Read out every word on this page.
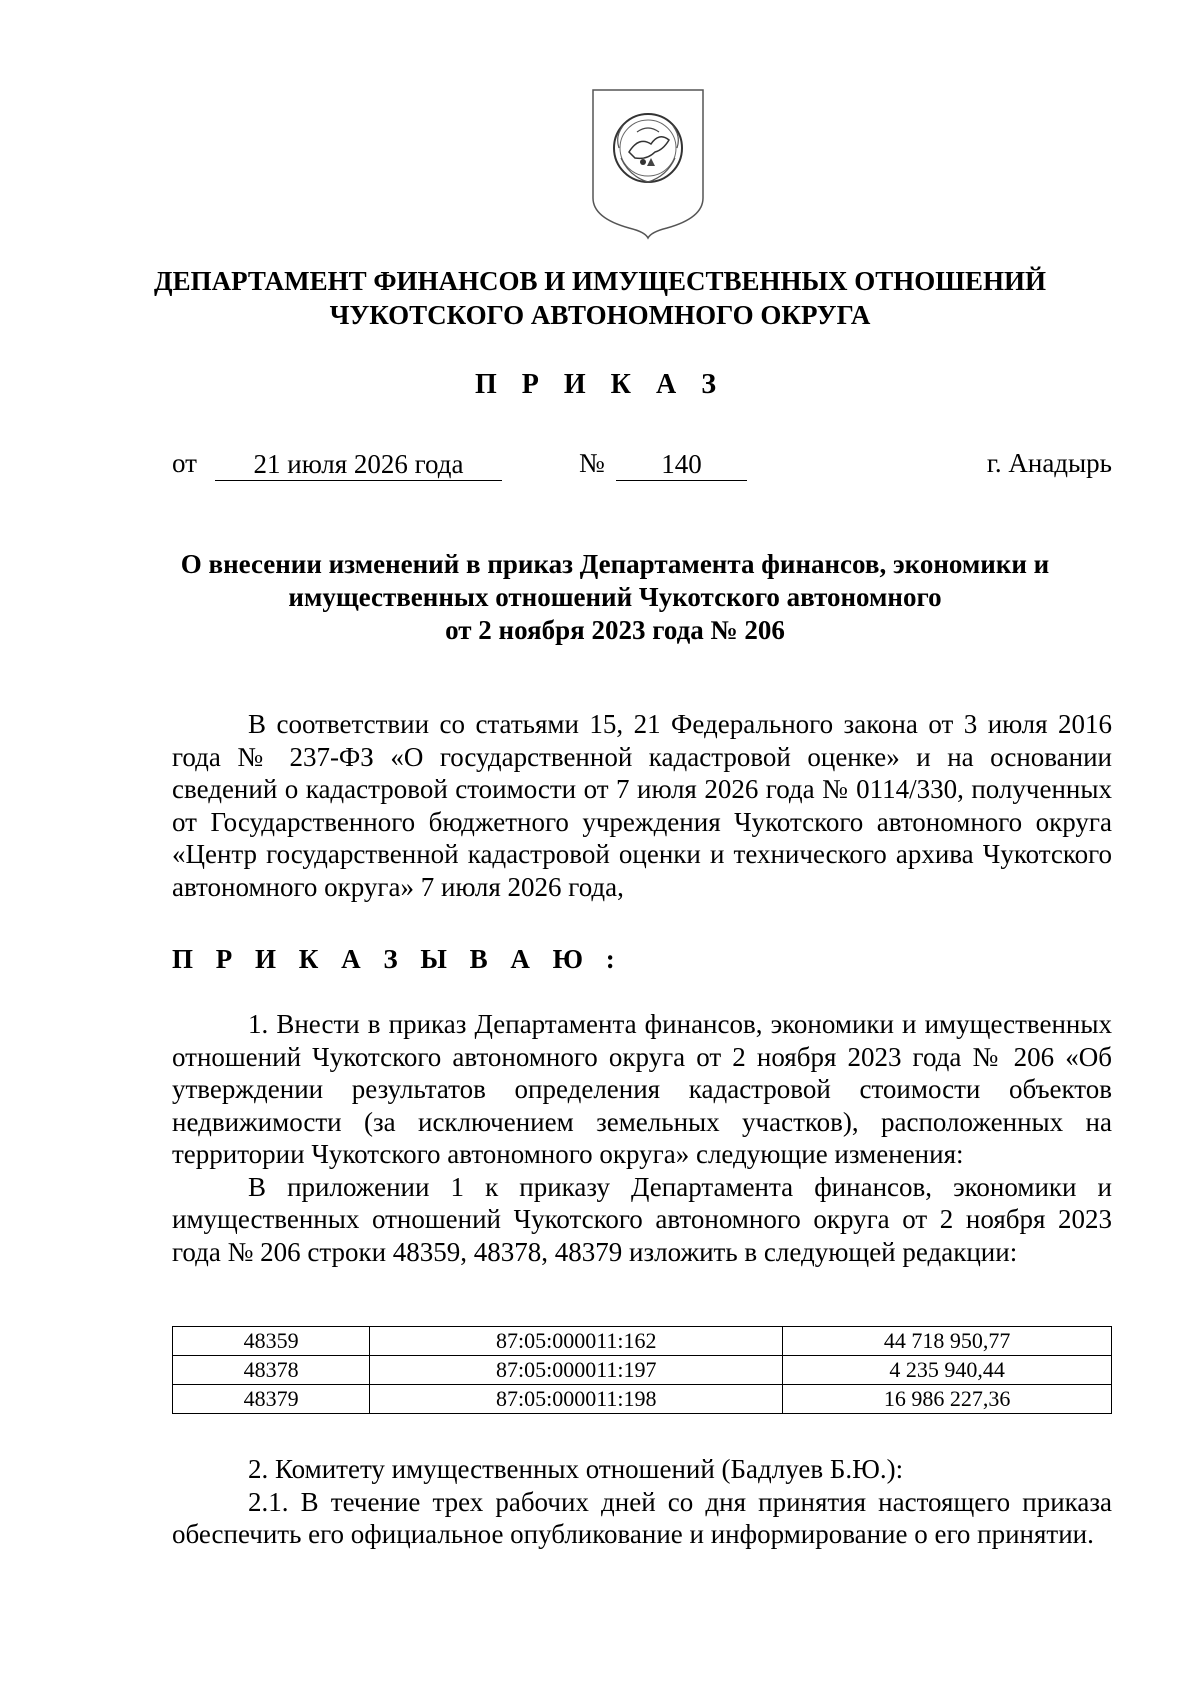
ДЕПАРТАМЕНТ ФИНАНСОВ И ИМУЩЕСТВЕННЫХ ОТНОШЕНИЙ
ЧУКОТСКОГО АВТОНОМНОГО ОКРУГА
П Р И К А З
от	21 июля 2026 года	№	140	г. Анадырь
О внесении изменений в приказ Департамента финансов, экономики и
имущественных отношений Чукотского автономного
от 2 ноября 2023 года № 206
В соответствии со статьями 15, 21 Федерального закона от 3 июля 2016 года № 237-ФЗ «О государственной кадастровой оценке» и на основании сведений о кадастровой стоимости от 7 июля 2026 года № 0114/330, полученных от Государственного бюджетного учреждения Чукотского автономного округа «Центр государственной кадастровой оценки и технического архива Чукотского автономного округа» 7 июля 2026 года,
П Р И К А З Ы В А Ю :

1. Внести в приказ Департамента финансов, экономики и имущественных отношений Чукотского автономного округа от 2 ноября 2023 года № 206 «Об утверждении результатов определения кадастровой стоимости объектов недвижимости (за исключением земельных участков), расположенных на территории Чукотского автономного округа» следующие изменения:

В приложении 1 к приказу Департамента финансов, экономики и имущественных отношений Чукотского автономного округа от 2 ноября 2023 года № 206 строки 48359, 48378, 48379 изложить в следующей редакции:

48359	87:05:000011:162	44 718 950,77
48378	87:05:000011:197	4 235 940,44
48379	87:05:000011:198	16 986 227,36

2. Комитету имущественных отношений (Бадлуев Б.Ю.):

2.1. В течение трех рабочих дней со дня принятия настоящего приказа обеспечить его официальное опубликование и информирование о его принятии.
